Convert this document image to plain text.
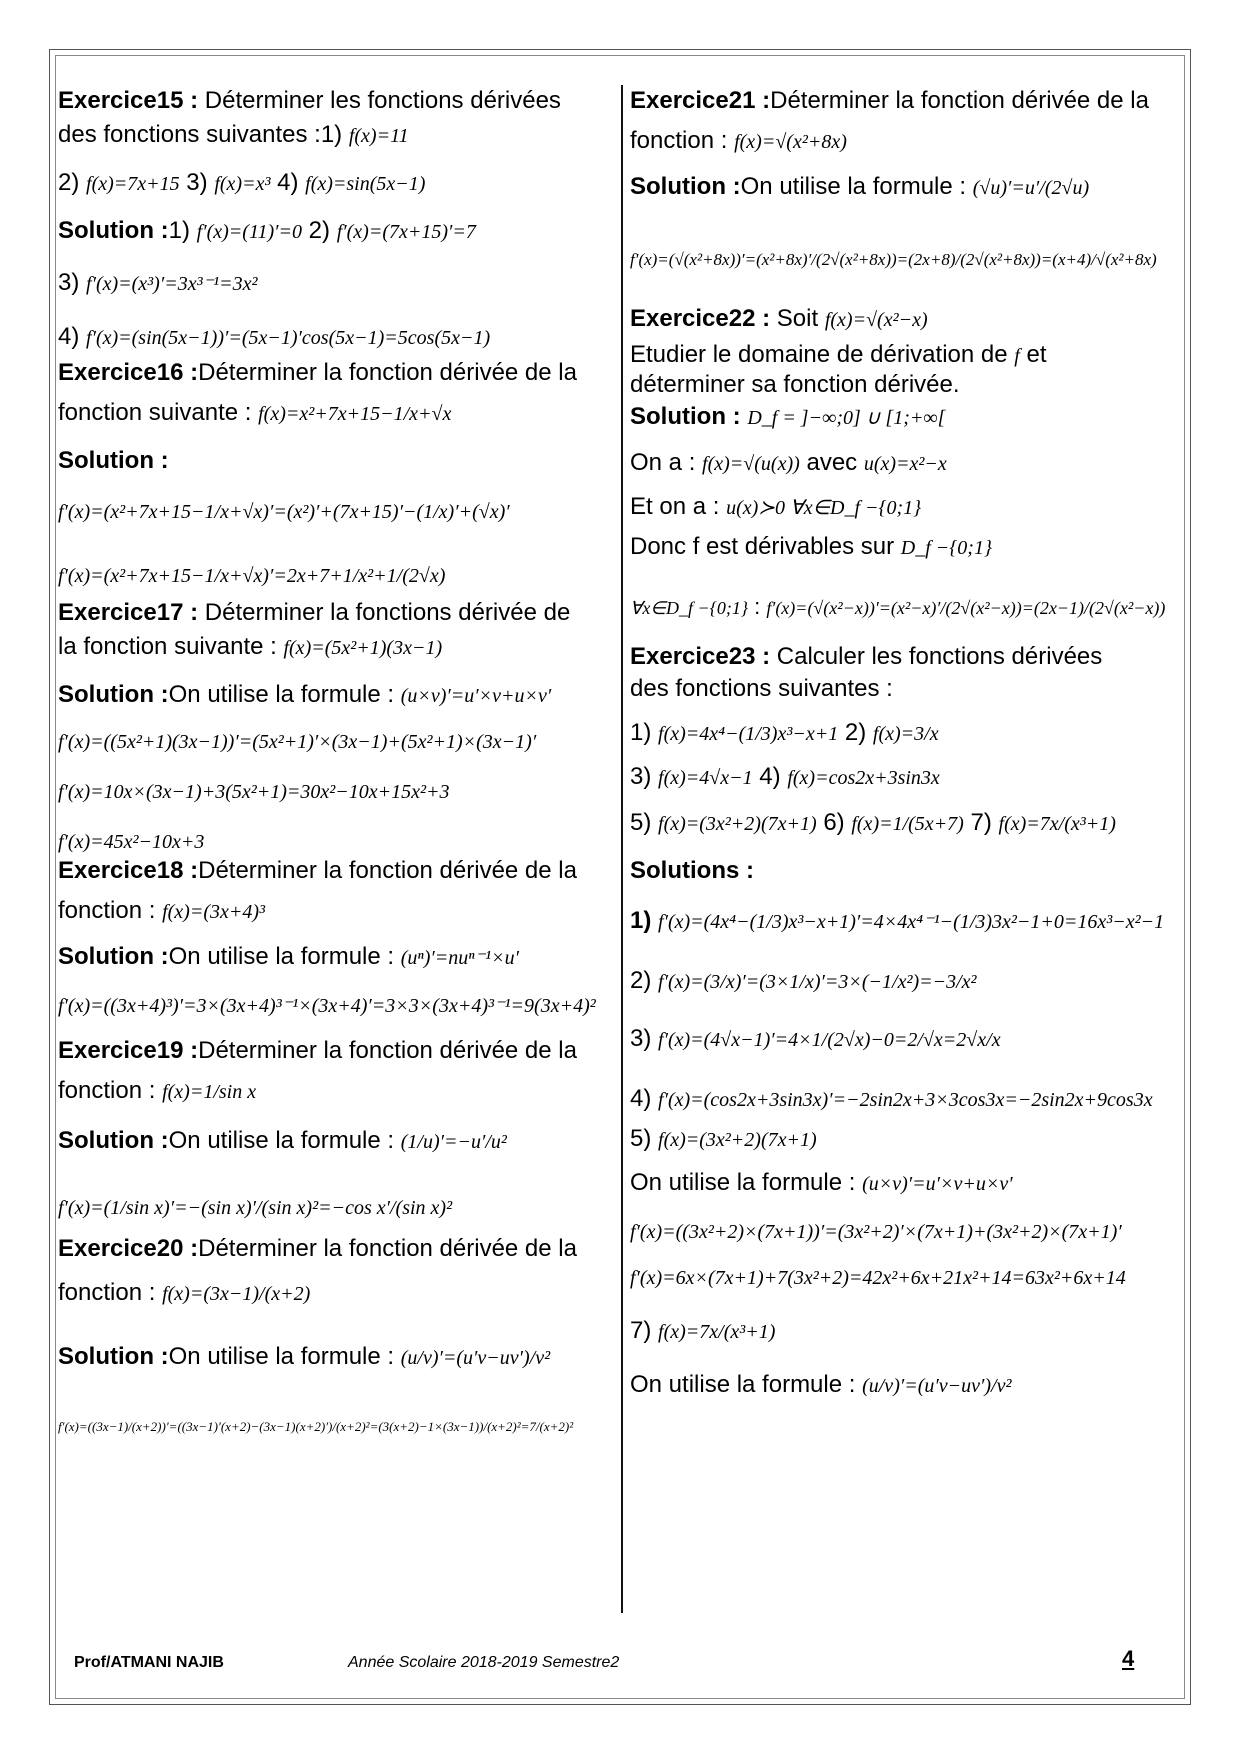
Exercice15 : Déterminer les fonctions dérivées
des fonctions suivantes :1) f(x)=11
2) f(x)=7x+15 3) f(x)=x³ 4) f(x)=sin(5x−1)
Solution :1) f′(x)=(11)′=0 2) f′(x)=(7x+15)′=7
3) f′(x)=(x³)′=3x³⁻¹=3x²
4) f′(x)=(sin(5x−1))′=(5x−1)′cos(5x−1)=5cos(5x−1)
Exercice16 :Déterminer la fonction dérivée de la
fonction suivante : f(x)=x²+7x+15−1/x+√x
Solution :
f′(x)=(x²+7x+15−1/x+√x)′=(x²)′+(7x+15)′−(1/x)′+(√x)′
f′(x)=(x²+7x+15−1/x+√x)′=2x+7+1/x²+1/(2√x)
Exercice17 : Déterminer la fonctions dérivée de
la fonction suivante : f(x)=(5x²+1)(3x−1)
Solution :On utilise la formule : (u×v)′=u′×v+u×v′
f′(x)=((5x²+1)(3x−1))′=(5x²+1)′×(3x−1)+(5x²+1)×(3x−1)′
f′(x)=10x×(3x−1)+3(5x²+1)=30x²−10x+15x²+3
f′(x)=45x²−10x+3
Exercice18 :Déterminer la fonction dérivée de la
fonction : f(x)=(3x+4)³
Solution :On utilise la formule : (uⁿ)′=nuⁿ⁻¹×u′
f′(x)=((3x+4)³)′=3×(3x+4)³⁻¹×(3x+4)′=3×3×(3x+4)³⁻¹=9(3x+4)²
Exercice19 :Déterminer la fonction dérivée de la
fonction : f(x)=1/sin x
Solution :On utilise la formule : (1/u)′=−u′/u²
f′(x)=(1/sin x)′=−(sin x)′/(sin x)²=−cos x′/(sin x)²
Exercice20 :Déterminer la fonction dérivée de la
fonction : f(x)=(3x−1)/(x+2)
Solution :On utilise la formule : (u/v)′=(u′v−uv′)/v²
f′(x)=((3x−1)/(x+2))′=((3x−1)′(x+2)−(3x−1)(x+2)′)/(x+2)²=(3(x+2)−1×(3x−1))/(x+2)²=7/(x+2)²
Exercice21 :Déterminer la fonction dérivée de la
fonction : f(x)=√(x²+8x)
Solution :On utilise la formule : (√u)′=u′/(2√u)
f′(x)=(√(x²+8x))′=(x²+8x)′/(2√(x²+8x))=(2x+8)/(2√(x²+8x))=(x+4)/√(x²+8x)
Exercice22 : Soit f(x)=√(x²−x)
Etudier le domaine de dérivation de f et
déterminer sa fonction dérivée.
Solution : D_f = ]−∞;0] ∪ [1;+∞[
On a : f(x)=√(u(x)) avec u(x)=x²−x
Et on a : u(x)≻0 ∀x∈D_f −{0;1}
Donc f est dérivables sur D_f −{0;1}
∀x∈D_f −{0;1} : f′(x)=(√(x²−x))′=(x²−x)′/(2√(x²−x))=(2x−1)/(2√(x²−x))
Exercice23 : Calculer les fonctions dérivées
des fonctions suivantes :
1) f(x)=4x⁴−(1/3)x³−x+1 2) f(x)=3/x
3) f(x)=4√x−1 4) f(x)=cos2x+3sin3x
5) f(x)=(3x²+2)(7x+1) 6) f(x)=1/(5x+7) 7) f(x)=7x/(x³+1)
Solutions :
1) f′(x)=(4x⁴−(1/3)x³−x+1)′=4×4x⁴⁻¹−(1/3)3x²−1+0=16x³−x²−1
2) f′(x)=(3/x)′=(3×1/x)′=3×(−1/x²)=−3/x²
3) f′(x)=(4√x−1)′=4×1/(2√x)−0=2/√x=2√x/x
4) f′(x)=(cos2x+3sin3x)′=−2sin2x+3×3cos3x=−2sin2x+9cos3x
5) f(x)=(3x²+2)(7x+1)
On utilise la formule : (u×v)′=u′×v+u×v′
f′(x)=((3x²+2)×(7x+1))′=(3x²+2)′×(7x+1)+(3x²+2)×(7x+1)′
f′(x)=6x×(7x+1)+7(3x²+2)=42x²+6x+21x²+14=63x²+6x+14
7) f(x)=7x/(x³+1)
On utilise la formule : (u/v)′=(u′v−uv′)/v²
Prof/ATMANI NAJIB	Année Scolaire 2018-2019 Semestre2	4
